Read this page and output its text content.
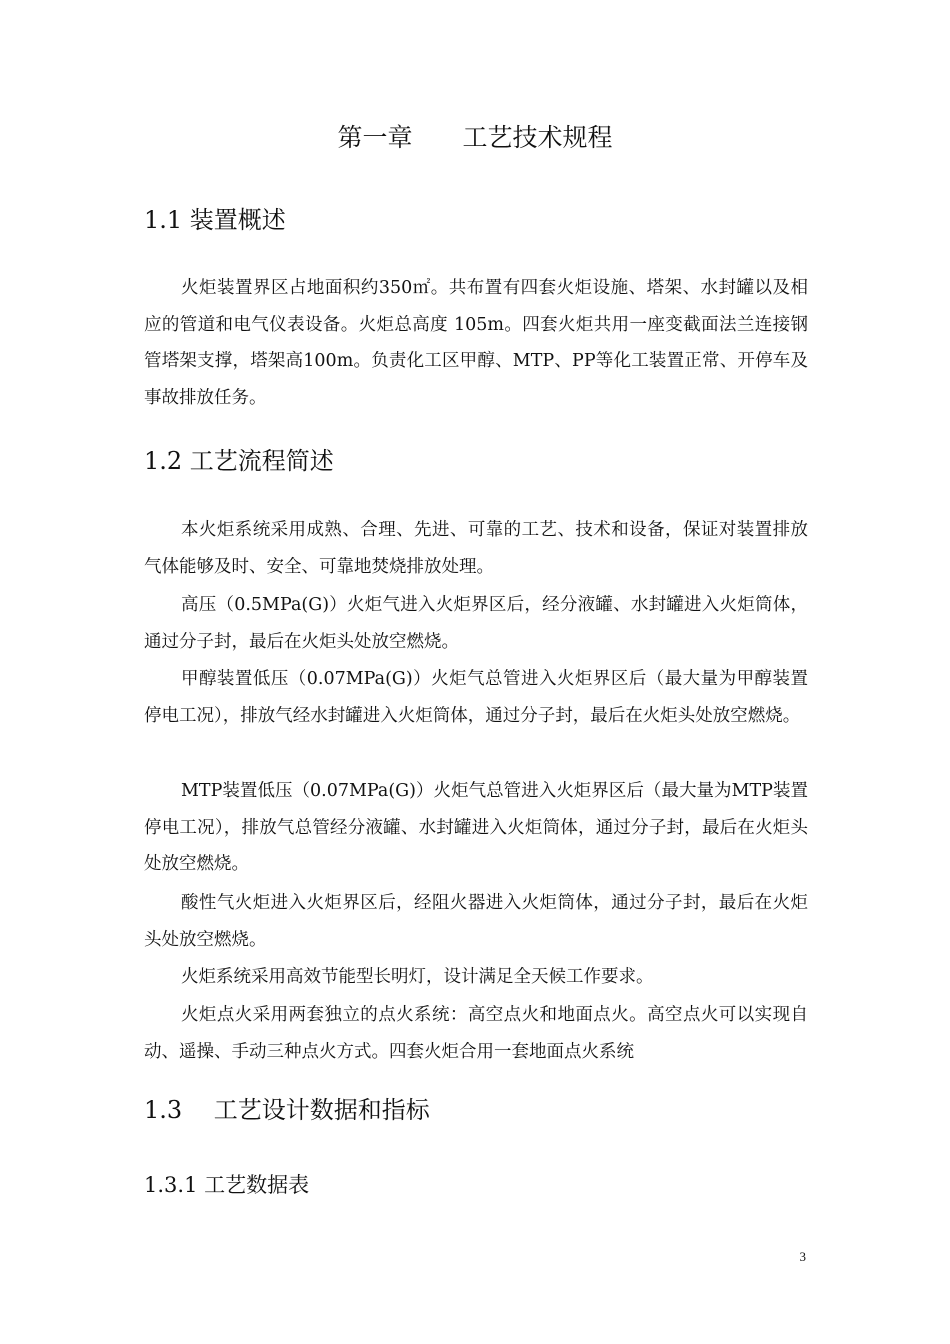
第一章　　工艺技术规程
1.1 装置概述

火炬装置界区占地面积约350㎡。共布置有四套火炬设施、塔架、水封罐以及相应的管道和电气仪表设备。火炬总高度 105m。四套火炬共用一座变截面法兰连接钢管塔架支撑，塔架高100m。负责化工区甲醇、MTP、PP等化工装置正常、开停车及事故排放任务。

1.2 工艺流程简述

本火炬系统采用成熟、合理、先进、可靠的工艺、技术和设备，保证对装置排放气体能够及时、安全、可靠地焚烧排放处理。

高压（0.5MPa(G)）火炬气进入火炬界区后，经分液罐、水封罐进入火炬筒体，通过分子封，最后在火炬头处放空燃烧。

甲醇装置低压（0.07MPa(G)）火炬气总管进入火炬界区后（最大量为甲醇装置停电工况），排放气经水封罐进入火炬筒体，通过分子封，最后在火炬头处放空燃烧。

MTP装置低压（0.07MPa(G)）火炬气总管进入火炬界区后（最大量为MTP装置停电工况），排放气总管经分液罐、水封罐进入火炬筒体，通过分子封，最后在火炬头处放空燃烧。

酸性气火炬进入火炬界区后，经阻火器进入火炬筒体，通过分子封，最后在火炬头处放空燃烧。

火炬系统采用高效节能型长明灯，设计满足全天候工作要求。

火炬点火采用两套独立的点火系统：高空点火和地面点火。高空点火可以实现自动、遥操、手动三种点火方式。四套火炬合用一套地面点火系统

1.3　 工艺设计数据和指标
1.3.1 工艺数据表
3
